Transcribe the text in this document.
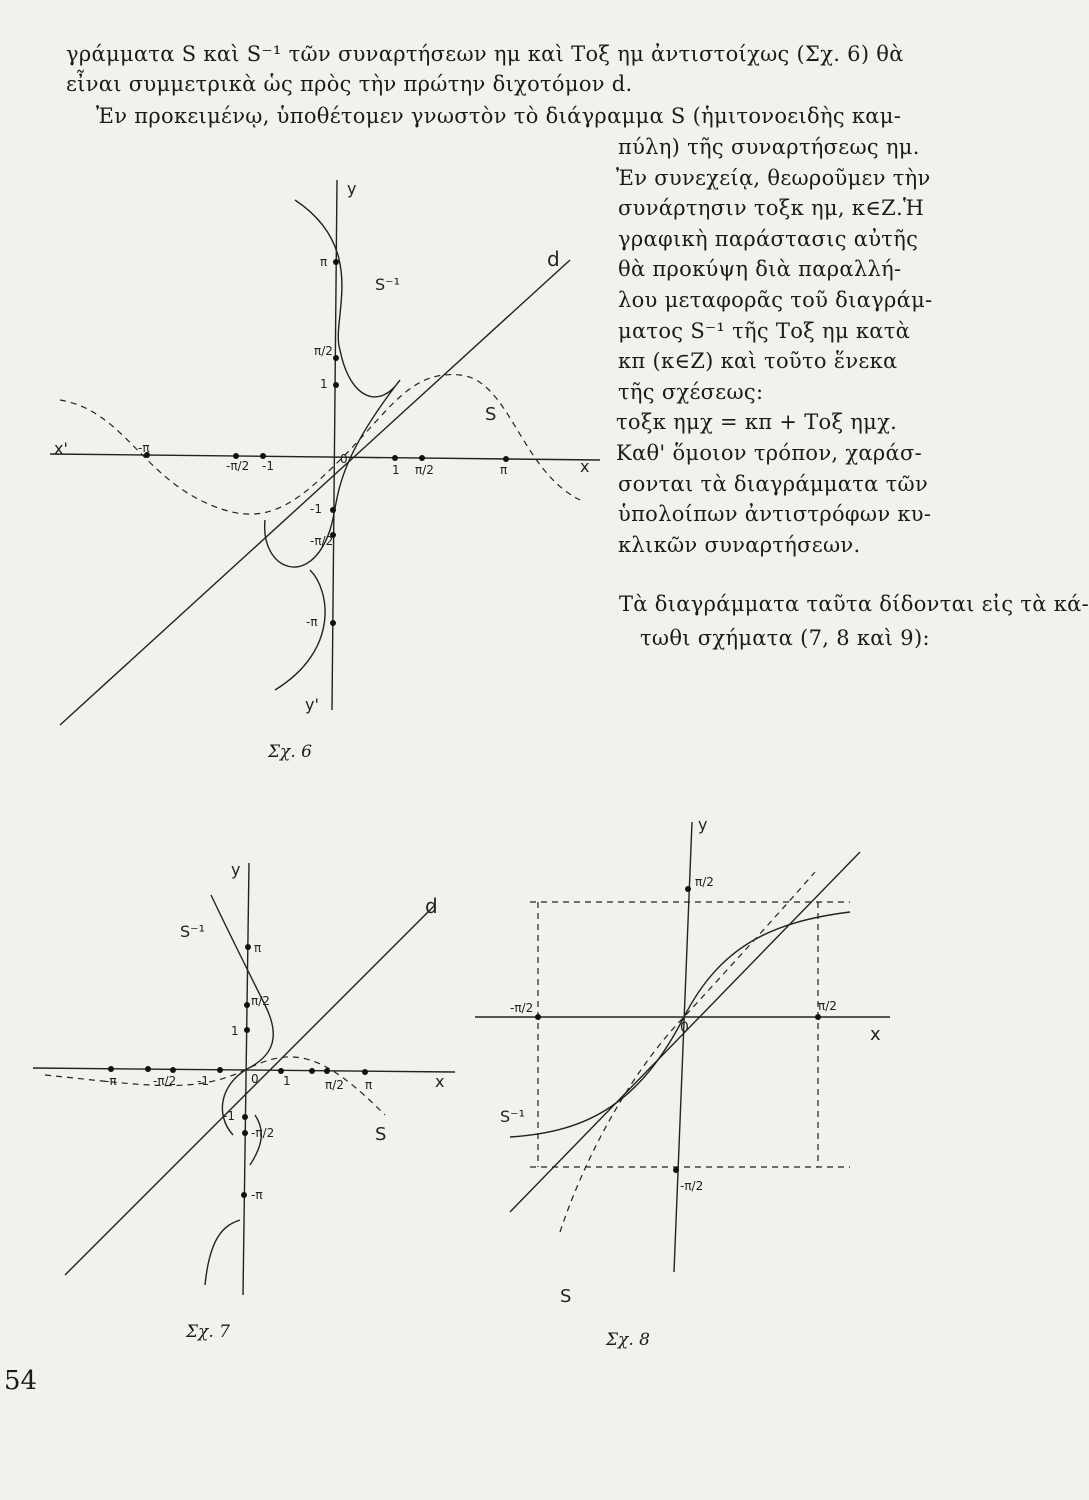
γράμματα S καὶ S⁻¹ τῶν συναρτήσεων ημ καὶ Τοξ ημ ἀντιστοίχως (Σχ. 6) θὰ
εἶναι συμμετρικὰ ὡς πρὸς τὴν πρώτην διχοτόμον d.
Ἐν προκειμένῳ, ὑποθέτομεν γνωστὸν τὸ διάγραμμα S (ἡμιτονοειδὴς καμ-
πύλη) τῆς συναρτήσεως ημ.
Ἐν συνεχείᾳ, θεωροῦμεν τὴν
συνάρτησιν τοξκ ημ, κ∈Ζ.Ἡ
γραφικὴ παράστασις αὐτῆς
θὰ προκύψη διὰ παραλλή-
λου μεταφορᾶς τοῦ διαγράμ-
ματος S⁻¹ τῆς Τοξ ημ κατὰ
κπ (κ∈Ζ) καὶ τοῦτο ἕνεκα
τῆς σχέσεως:
τοξκ ημχ = κπ + Τοξ ημχ.
Καθ' ὅμοιον τρόπον, χαράσ-
σονται τὰ διαγράμματα τῶν
ὑπολοίπων ἀντιστρόφων κυ-
κλικῶν συναρτήσεων.
Τὰ διαγράμματα ταῦτα δίδονται εἰς τὰ κά-
τωθι σχήματα (7, 8 καὶ 9):
y
y'
x
x'
d
S
S⁻¹
0
-π
-π/2 -1	1 π/2	π
π
π/2
1
-1
-π/2
-π
Σχ. 6
y
x
d
S
S⁻¹
0
-π	-π/2 -1	1	π/2 π
π
π/2
1
-1
-π/2
-π
Σχ. 7
y
x
S
S⁻¹
0
π/2
-π/2
-π/2	π/2
Σχ. 8
54
